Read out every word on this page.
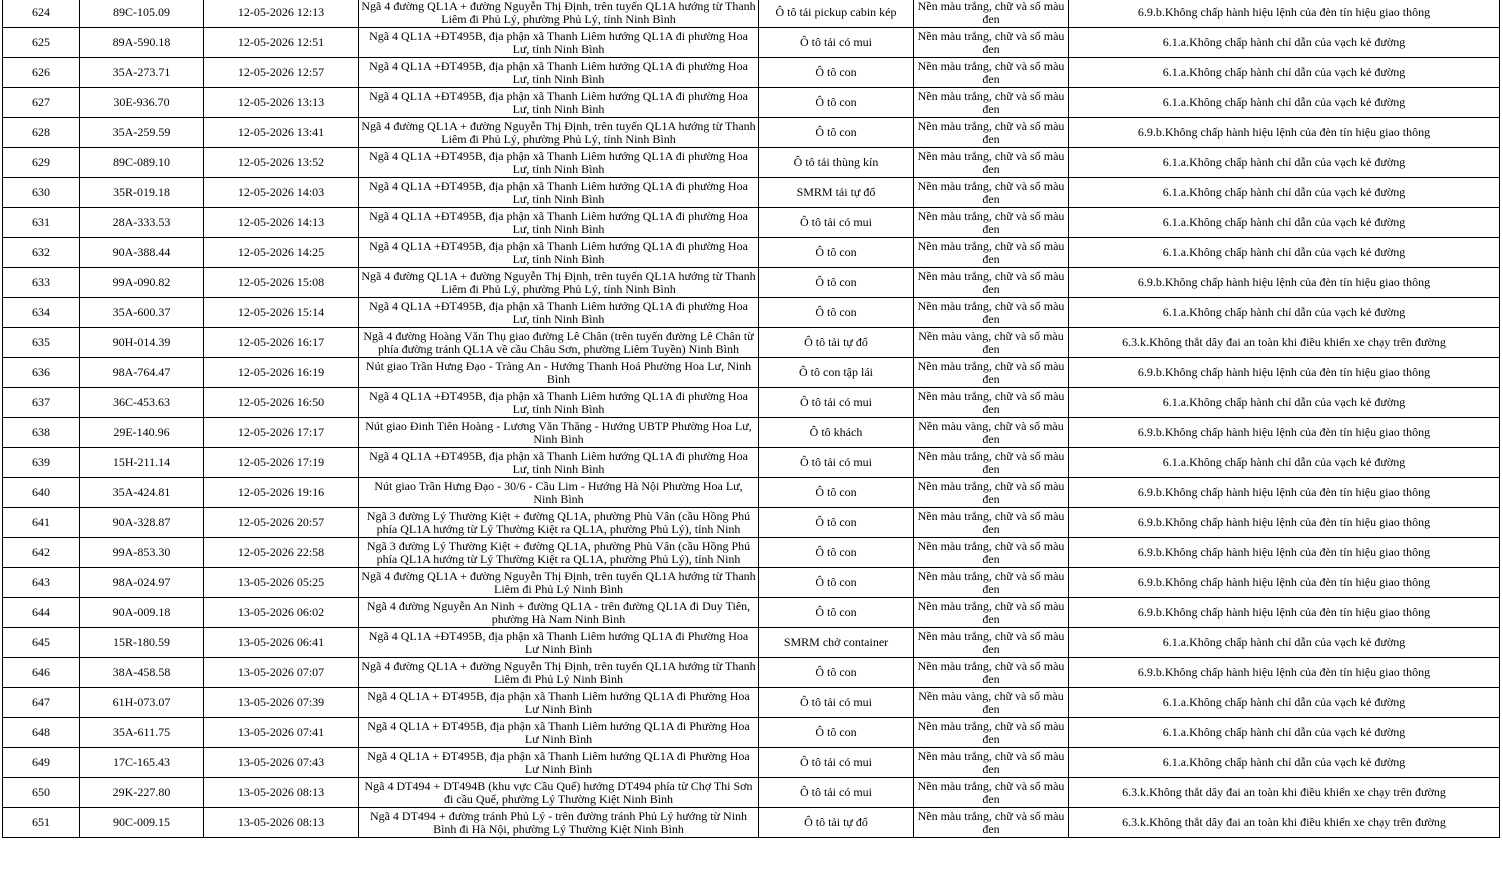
624	89C-105.09	12-05-2026 12:13	Ngã 4 đường QL1A + đường Nguyễn Thị Định, trên tuyến QL1A hướng từ Thanh Liêm đi Phủ Lý, phường Phủ Lý, tỉnh Ninh Bình	Ô tô tải pickup cabin kép	Nền màu trắng, chữ và số màu đen	6.9.b.Không chấp hành hiệu lệnh của đèn tín hiệu giao thông
625	89A-590.18	12-05-2026 12:51	Ngã 4 QL1A +ĐT495B, địa phận xã Thanh Liêm hướng QL1A đi phường Hoa Lư, tỉnh Ninh Bình	Ô tô tải có mui	Nền màu trắng, chữ và số màu đen	6.1.a.Không chấp hành chỉ dẫn của vạch kẻ đường
626	35A-273.71	12-05-2026 12:57	Ngã 4 QL1A +ĐT495B, địa phận xã Thanh Liêm hướng QL1A đi phường Hoa Lư, tỉnh Ninh Bình	Ô tô con	Nền màu trắng, chữ và số màu đen	6.1.a.Không chấp hành chỉ dẫn của vạch kẻ đường
627	30E-936.70	12-05-2026 13:13	Ngã 4 QL1A +ĐT495B, địa phận xã Thanh Liêm hướng QL1A đi phường Hoa Lư, tỉnh Ninh Bình	Ô tô con	Nền màu trắng, chữ và số màu đen	6.1.a.Không chấp hành chỉ dẫn của vạch kẻ đường
628	35A-259.59	12-05-2026 13:41	Ngã 4 đường QL1A + đường Nguyễn Thị Định, trên tuyến QL1A hướng từ Thanh Liêm đi Phủ Lý, phường Phủ Lý, tỉnh Ninh Bình	Ô tô con	Nền màu trắng, chữ và số màu đen	6.9.b.Không chấp hành hiệu lệnh của đèn tín hiệu giao thông
629	89C-089.10	12-05-2026 13:52	Ngã 4 QL1A +ĐT495B, địa phận xã Thanh Liêm hướng QL1A đi phường Hoa Lư, tỉnh Ninh Bình	Ô tô tải thùng kín	Nền màu trắng, chữ và số màu đen	6.1.a.Không chấp hành chỉ dẫn của vạch kẻ đường
630	35R-019.18	12-05-2026 14:03	Ngã 4 QL1A +ĐT495B, địa phận xã Thanh Liêm hướng QL1A đi phường Hoa Lư, tỉnh Ninh Bình	SMRM tải tự đổ	Nền màu trắng, chữ và số màu đen	6.1.a.Không chấp hành chỉ dẫn của vạch kẻ đường
631	28A-333.53	12-05-2026 14:13	Ngã 4 QL1A +ĐT495B, địa phận xã Thanh Liêm hướng QL1A đi phường Hoa Lư, tỉnh Ninh Bình	Ô tô tải có mui	Nền màu trắng, chữ và số màu đen	6.1.a.Không chấp hành chỉ dẫn của vạch kẻ đường
632	90A-388.44	12-05-2026 14:25	Ngã 4 QL1A +ĐT495B, địa phận xã Thanh Liêm hướng QL1A đi phường Hoa Lư, tỉnh Ninh Bình	Ô tô con	Nền màu trắng, chữ và số màu đen	6.1.a.Không chấp hành chỉ dẫn của vạch kẻ đường
633	99A-090.82	12-05-2026 15:08	Ngã 4 đường QL1A + đường Nguyễn Thị Định, trên tuyến QL1A hướng từ Thanh Liêm đi Phủ Lý, phường Phủ Lý, tỉnh Ninh Bình	Ô tô con	Nền màu trắng, chữ và số màu đen	6.9.b.Không chấp hành hiệu lệnh của đèn tín hiệu giao thông
634	35A-600.37	12-05-2026 15:14	Ngã 4 QL1A +ĐT495B, địa phận xã Thanh Liêm hướng QL1A đi phường Hoa Lư, tỉnh Ninh Bình	Ô tô con	Nền màu trắng, chữ và số màu đen	6.1.a.Không chấp hành chỉ dẫn của vạch kẻ đường
635	90H-014.39	12-05-2026 16:17	Ngã 4 đường Hoàng Văn Thụ giao đường Lê Chân (trên tuyến đường Lê Chân từ phía đường tránh QL1A về cầu Châu Sơn, phường Liêm Tuyền) Ninh Bình	Ô tô tải tự đổ	Nền màu vàng, chữ và số màu đen	6.3.k.Không thắt dây đai an toàn khi điều khiển xe chạy trên đường
636	98A-764.47	12-05-2026 16:19	Nút giao Trần Hưng Đạo - Tràng An - Hướng Thanh Hoá Phường Hoa Lư, Ninh Bình	Ô tô con tập lái	Nền màu trắng, chữ và số màu đen	6.9.b.Không chấp hành hiệu lệnh của đèn tín hiệu giao thông
637	36C-453.63	12-05-2026 16:50	Ngã 4 QL1A +ĐT495B, địa phận xã Thanh Liêm hướng QL1A đi phường Hoa Lư, tỉnh Ninh Bình	Ô tô tải có mui	Nền màu trắng, chữ và số màu đen	6.1.a.Không chấp hành chỉ dẫn của vạch kẻ đường
638	29E-140.96	12-05-2026 17:17	Nút giao Đinh Tiên Hoàng - Lương Văn Thăng - Hướng UBTP Phường Hoa Lư, Ninh Bình	Ô tô khách	Nền màu vàng, chữ và số màu đen	6.9.b.Không chấp hành hiệu lệnh của đèn tín hiệu giao thông
639	15H-211.14	12-05-2026 17:19	Ngã 4 QL1A +ĐT495B, địa phận xã Thanh Liêm hướng QL1A đi phường Hoa Lư, tỉnh Ninh Bình	Ô tô tải có mui	Nền màu trắng, chữ và số màu đen	6.1.a.Không chấp hành chỉ dẫn của vạch kẻ đường
640	35A-424.81	12-05-2026 19:16	Nút giao Trần Hưng Đạo - 30/6 - Cầu Lim - Hướng Hà Nội Phường Hoa Lư, Ninh Bình	Ô tô con	Nền màu trắng, chữ và số màu đen	6.9.b.Không chấp hành hiệu lệnh của đèn tín hiệu giao thông
641	90A-328.87	12-05-2026 20:57	Ngã 3 đường Lý Thường Kiệt + đường QL1A, phường Phù Vân (cầu Hồng Phú phía QL1A hướng từ Lý Thường Kiệt ra QL1A, phường Phủ Lý), tỉnh Ninh	Ô tô con	Nền màu trắng, chữ và số màu đen	6.9.b.Không chấp hành hiệu lệnh của đèn tín hiệu giao thông
642	99A-853.30	12-05-2026 22:58	Ngã 3 đường Lý Thường Kiệt + đường QL1A, phường Phù Vân (cầu Hồng Phú phía QL1A hướng từ Lý Thường Kiệt ra QL1A, phường Phủ Lý), tỉnh Ninh	Ô tô con	Nền màu trắng, chữ và số màu đen	6.9.b.Không chấp hành hiệu lệnh của đèn tín hiệu giao thông
643	98A-024.97	13-05-2026 05:25	Ngã 4 đường QL1A + đường Nguyễn Thị Định, trên tuyến QL1A hướng từ Thanh Liêm đi Phủ Lý Ninh Bình	Ô tô con	Nền màu trắng, chữ và số màu đen	6.9.b.Không chấp hành hiệu lệnh của đèn tín hiệu giao thông
644	90A-009.18	13-05-2026 06:02	Ngã 4 đường Nguyễn An Ninh + đường QL1A - trên đường QL1A đi Duy Tiên, phường Hà Nam Ninh Bình	Ô tô con	Nền màu trắng, chữ và số màu đen	6.9.b.Không chấp hành hiệu lệnh của đèn tín hiệu giao thông
645	15R-180.59	13-05-2026 06:41	Ngã 4 QL1A +ĐT495B, địa phận xã Thanh Liêm hướng QL1A đi Phường Hoa Lư Ninh Bình	SMRM chở container	Nền màu trắng, chữ và số màu đen	6.1.a.Không chấp hành chỉ dẫn của vạch kẻ đường
646	38A-458.58	13-05-2026 07:07	Ngã 4 đường QL1A + đường Nguyễn Thị Định, trên tuyến QL1A hướng từ Thanh Liêm đi Phủ Lý Ninh Bình	Ô tô con	Nền màu trắng, chữ và số màu đen	6.9.b.Không chấp hành hiệu lệnh của đèn tín hiệu giao thông
647	61H-073.07	13-05-2026 07:39	Ngã 4 QL1A + ĐT495B, địa phận xã Thanh Liêm hướng QL1A đi Phường Hoa Lư Ninh Bình	Ô tô tải có mui	Nền màu vàng, chữ và số màu đen	6.1.a.Không chấp hành chỉ dẫn của vạch kẻ đường
648	35A-611.75	13-05-2026 07:41	Ngã 4 QL1A + ĐT495B, địa phận xã Thanh Liêm hướng QL1A đi Phường Hoa Lư Ninh Bình	Ô tô con	Nền màu trắng, chữ và số màu đen	6.1.a.Không chấp hành chỉ dẫn của vạch kẻ đường
649	17C-165.43	13-05-2026 07:43	Ngã 4 QL1A + ĐT495B, địa phận xã Thanh Liêm hướng QL1A đi Phường Hoa Lư Ninh Bình	Ô tô tải có mui	Nền màu trắng, chữ và số màu đen	6.1.a.Không chấp hành chỉ dẫn của vạch kẻ đường
650	29K-227.80	13-05-2026 08:13	Ngã 4 DT494 + DT494B (khu vực Cầu Quế) hướng DT494 phía từ Chợ Thi Sơn đi cầu Quế, phường Lý Thường Kiệt Ninh Bình	Ô tô tải có mui	Nền màu trắng, chữ và số màu đen	6.3.k.Không thắt dây đai an toàn khi điều khiển xe chạy trên đường
651	90C-009.15	13-05-2026 08:13	Ngã 4 DT494 + đường tránh Phủ Lý - trên đường tránh Phủ Lý hướng từ Ninh Bình đi Hà Nội, phường Lý Thường Kiệt Ninh Bình	Ô tô tải tự đổ	Nền màu trắng, chữ và số màu đen	6.3.k.Không thắt dây đai an toàn khi điều khiển xe chạy trên đường
